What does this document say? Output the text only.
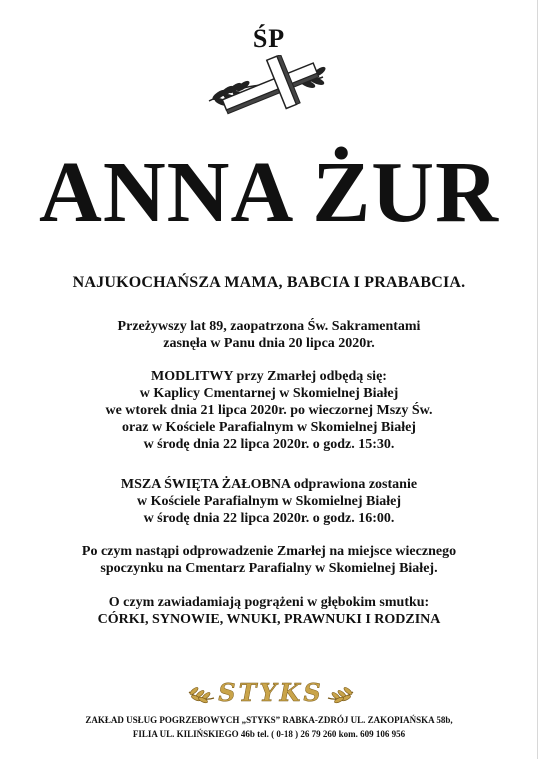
ŚP
ANNA ŻUR
NAJUKOCHAŃSZA MAMA, BABCIA I PRABABCIA.
Przeżywszy lat 89, zaopatrzona Św. Sakramentami
zasnęła w Panu dnia 20 lipca 2020r.
MODLITWY przy Zmarłej odbędą się:
w Kaplicy Cmentarnej w Skomielnej Białej
we wtorek dnia 21 lipca 2020r. po wieczornej Mszy Św.
oraz w Kościele Parafialnym w Skomielnej Białej
w środę dnia 22 lipca 2020r. o godz. 15:30.
MSZA ŚWIĘTA ŻAŁOBNA odprawiona zostanie
w Kościele Parafialnym w Skomielnej Białej
w środę dnia 22 lipca 2020r. o godz. 16:00.
Po czym nastąpi odprowadzenie Zmarłej na miejsce wiecznego
spoczynku na Cmentarz Parafialny w Skomielnej Białej.
O czym zawiadamiają pogrążeni w głębokim smutku:
CÓRKI, SYNOWIE, WNUKI, PRAWNUKI I RODZINA
STYKS
ZAKŁAD USŁUG POGRZEBOWYCH „STYKS” RABKA-ZDRÓJ UL. ZAKOPIAŃSKA 58b,
FILIA UL. KILIŃSKIEGO 46b tel. ( 0-18 ) 26 79 260 kom. 609 106 956
